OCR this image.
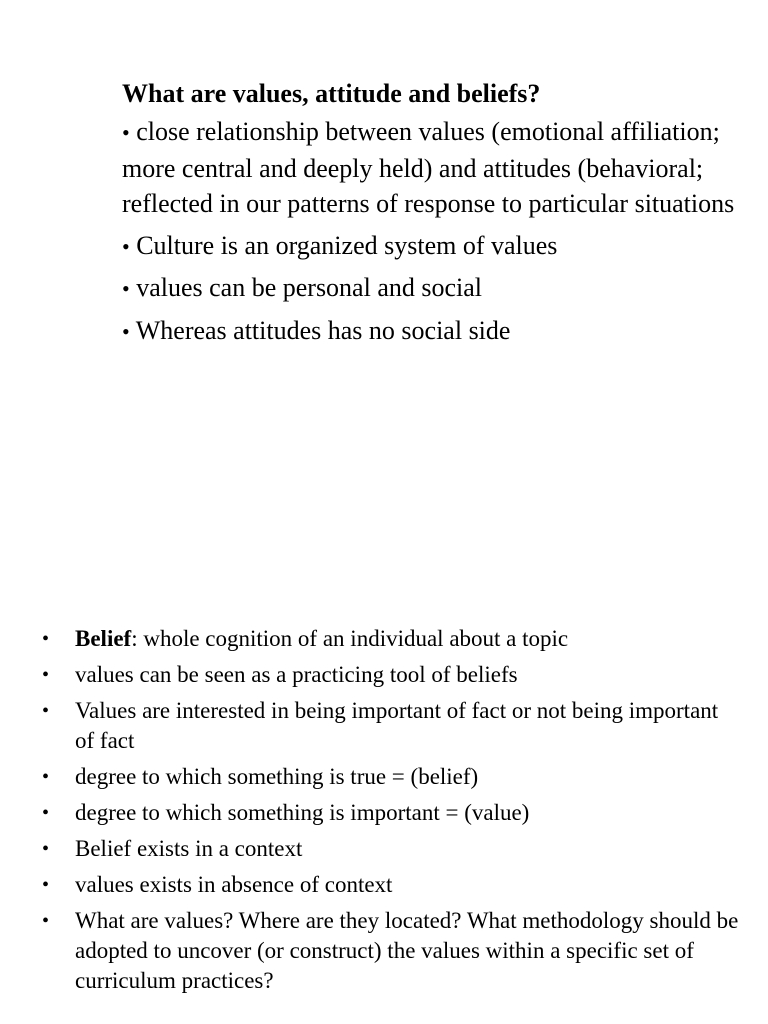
What are values, attitude and beliefs?

• close relationship between values (emotional affiliation; more central and deeply held) and attitudes (behavioral; reflected in our patterns of response to particular situations

• Culture is an organized system of values

• values can be personal and social

• Whereas attitudes has no social side

• Belief: whole cognition of an individual about a topic
• values can be seen as a practicing tool of beliefs
• Values are interested in being important of fact or not being important of fact
• degree to which something is true = (belief)
• degree to which something is important = (value)
• Belief exists in a context
• values exists in absence of context
• What are values? Where are they located? What methodology should be adopted to uncover (or construct) the values within a specific set of curriculum practices?
